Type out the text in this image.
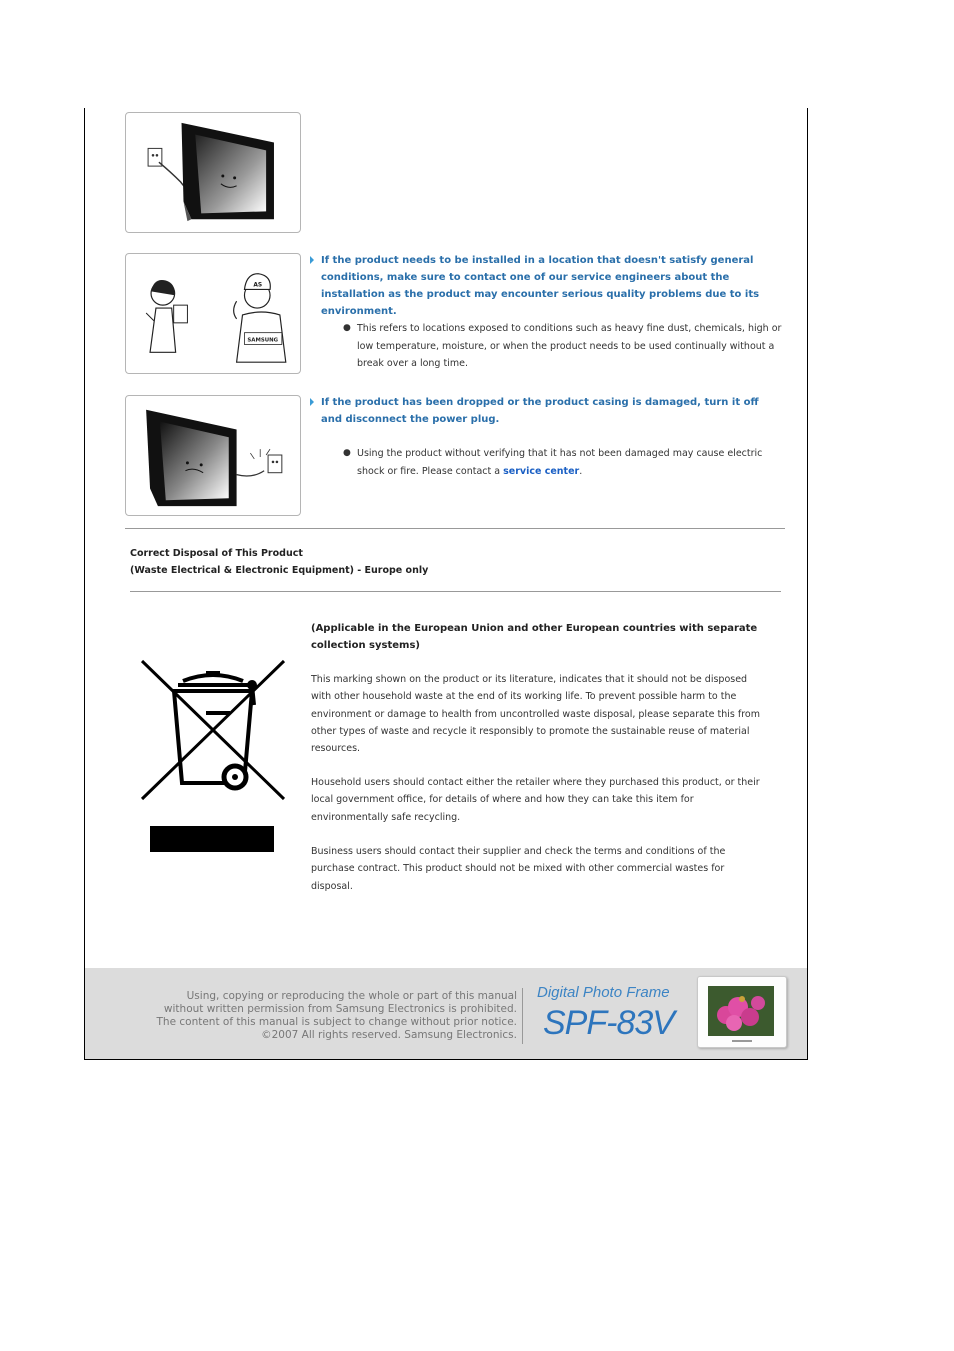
AS
SAMSUNG
If the product needs to be installed in a location that doesn't satisfy general conditions, make sure to contact one of our service engineers about the installation as the product may encounter serious quality problems due to its environment.
● This refers to locations exposed to conditions such as heavy fine dust, chemicals, high or low temperature, moisture, or when the product needs to be used continually without a break over a long time.
If the product has been dropped or the product casing is damaged, turn it off and disconnect the power plug.
● Using the product without verifying that it has not been damaged may cause electric shock or fire. Please contact a service center.
Correct Disposal of This Product
(Waste Electrical & Electronic Equipment) - Europe only
(Applicable in the European Union and other European countries with separate collection systems)
This marking shown on the product or its literature, indicates that it should not be disposed with other household waste at the end of its working life. To prevent possible harm to the environment or damage to health from uncontrolled waste disposal, please separate this from other types of waste and recycle it responsibly to promote the sustainable reuse of material resources.
Household users should contact either the retailer where they purchased this product, or their local government office, for details of where and how they can take this item for environmentally safe recycling.
Business users should contact their supplier and check the terms and conditions of the purchase contract. This product should not be mixed with other commercial wastes for disposal.
Using, copying or reproducing the whole or part of this manual
without written permission from Samsung Electronics is prohibited.
The content of this manual is subject to change without prior notice.
©2007 All rights reserved. Samsung Electronics.
Digital Photo Frame
SPF-83V
